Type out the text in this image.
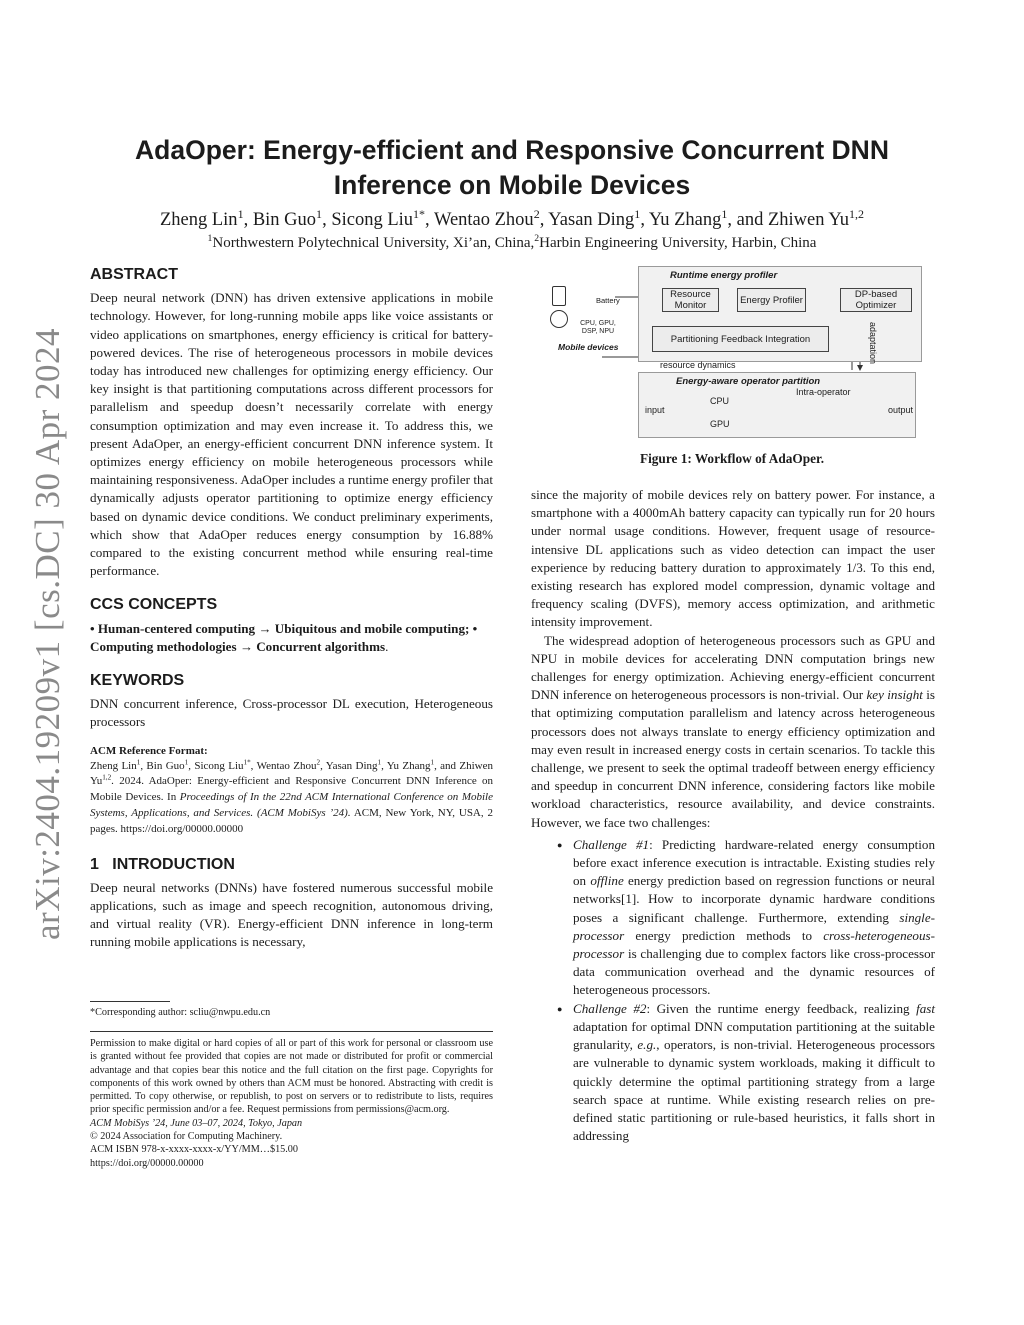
arXiv:2404.19209v1 [cs.DC] 30 Apr 2024
AdaOper: Energy-efficient and Responsive Concurrent DNN
Inference on Mobile Devices
Zheng Lin$^1$, Bin Guo$^1$, Sicong Liu$^{1*}$, Wentao Zhou$^2$, Yasan Ding$^1$, Yu Zhang$^1$, and Zhiwen Yu$^{1,2}$
$^1$Northwestern Polytechnical University, Xi’an, China,$^2$Harbin Engineering University, Harbin, China
ABSTRACT

Deep neural network (DNN) has driven extensive applications in mobile technology. However, for long-running mobile apps like voice assistants or video applications on smartphones, energy efficiency is critical for battery-powered devices. The rise of heterogeneous processors in mobile devices today has introduced new challenges for optimizing energy efficiency. Our key insight is that partitioning computations across different processors for parallelism and speedup doesn’t necessarily correlate with energy consumption optimization and may even increase it. To address this, we present AdaOper, an energy-efficient concurrent DNN inference system. It optimizes energy efficiency on mobile heterogeneous processors while maintaining responsiveness. AdaOper includes a runtime energy profiler that dynamically adjusts operator partitioning to optimize energy efficiency based on dynamic device conditions. We conduct preliminary experiments, which show that AdaOper reduces energy consumption by 16.88% compared to the existing concurrent method while ensuring real-time performance.

CCS CONCEPTS

• Human-centered computing → Ubiquitous and mobile computing; • Computing methodologies → Concurrent algorithms.

KEYWORDS

DNN concurrent inference, Cross-processor DL execution, Heterogeneous processors

ACM Reference Format:

Zheng Lin$^1$, Bin Guo$^1$, Sicong Liu$^{1*}$, Wentao Zhou$^2$, Yasan Ding$^1$, Yu Zhang$^1$, and Zhiwen Yu$^{1,2}$. 2024. AdaOper: Energy-efficient and Responsive Concurrent DNN Inference on Mobile Devices. In Proceedings of In the 22nd ACM International Conference on Mobile Systems, Applications, and Services. (ACM MobiSys ’24). ACM, New York, NY, USA, 2 pages. https://doi.org/00000.00000

1 INTRODUCTION

Deep neural networks (DNNs) have fostered numerous successful mobile applications, such as image and speech recognition, autonomous driving, and virtual reality (VR). Energy-efficient DNN inference in long-term running mobile applications is necessary,

*Corresponding author: scliu@nwpu.edu.cn
Permission to make digital or hard copies of all or part of this work for personal or classroom use is granted without fee provided that copies are not made or distributed for profit or commercial advantage and that copies bear this notice and the full citation on the first page. Copyrights for components of this work owned by others than ACM must be honored. Abstracting with credit is permitted. To copy otherwise, or republish, to post on servers or to redistribute to lists, requires prior specific permission and/or a fee. Request permissions from permissions@acm.org.
ACM MobiSys ’24, June 03–07, 2024, Tokyo, Japan
© 2024 Association for Computing Machinery.
ACM ISBN 978-x-xxxx-xxxx-x/YY/MM…$15.00
https://doi.org/00000.00000
Runtime energy profiler
Resource Monitor	Energy Profiler	DP-based Optimizer
Partitioning Feedback Integration
Battery
CPU, GPU, DSP, NPU
Mobile devices
resource dynamics
adaptation
Energy-aware operator partition
Intra-operator
CPU
GPU
input	output
Figure 1: Workflow of AdaOper.

since the majority of mobile devices rely on battery power. For instance, a smartphone with a 4000mAh battery capacity can typically run for 20 hours under normal usage conditions. However, frequent usage of resource-intensive DL applications such as video detection can impact the user experience by reducing battery duration to approximately 1/3. To this end, existing research has explored model compression, dynamic voltage and frequency scaling (DVFS), memory access optimization, and arithmetic intensity improvement.

The widespread adoption of heterogeneous processors such as GPU and NPU in mobile devices for accelerating DNN computation brings new challenges for energy optimization. Achieving energy-efficient concurrent DNN inference on heterogeneous processors is non-trivial. Our key insight is that optimizing computation parallelism and latency across heterogeneous processors does not always translate to energy efficiency optimization and may even result in increased energy costs in certain scenarios. To tackle this challenge, we present to seek the optimal tradeoff between energy efficiency and speedup in concurrent DNN inference, considering factors like mobile workload characteristics, resource availability, and device constraints. However, we face two challenges:

● Challenge #1: Predicting hardware-related energy consumption before exact inference execution is intractable. Existing studies rely on offline energy prediction based on regression functions or neural networks[1]. How to incorporate dynamic hardware conditions poses a significant challenge. Furthermore, extending single-processor energy prediction methods to cross-heterogeneous-processor is challenging due to complex factors like cross-processor data communication overhead and the dynamic resources of heterogeneous processors.
● Challenge #2: Given the runtime energy feedback, realizing fast adaptation for optimal DNN computation partitioning at the suitable granularity, e.g., operators, is non-trivial. Heterogeneous processors are vulnerable to dynamic system workloads, making it difficult to quickly determine the optimal partitioning strategy from a large search space at runtime. While existing research relies on pre-defined static partitioning or rule-based heuristics, it falls short in addressing
